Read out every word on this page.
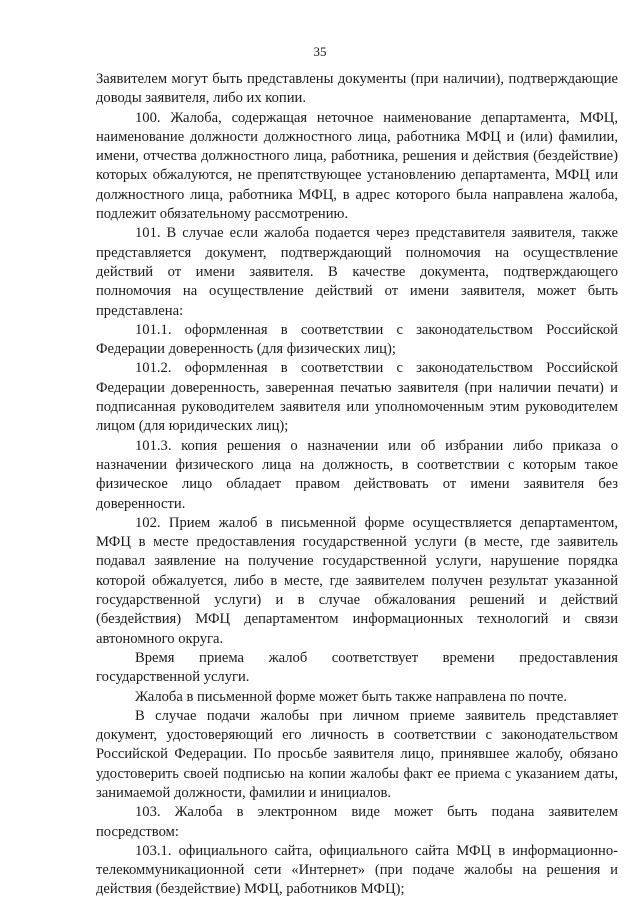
35

Заявителем могут быть представлены документы (при наличии), подтверждающие доводы заявителя, либо их копии.

100. Жалоба, содержащая неточное наименование департамента, МФЦ, наименование должности должностного лица, работника МФЦ и (или) фамилии, имени, отчества должностного лица, работника, решения и действия (бездействие) которых обжалуются, не препятствующее установлению департамента, МФЦ или должностного лица, работника МФЦ, в адрес которого была направлена жалоба, подлежит обязательному рассмотрению.

101. В случае если жалоба подается через представителя заявителя, также представляется документ, подтверждающий полномочия на осуществление действий от имени заявителя. В качестве документа, подтверждающего полномочия на осуществление действий от имени заявителя, может быть представлена:

101.1. оформленная в соответствии с законодательством Российской Федерации доверенность (для физических лиц);

101.2. оформленная в соответствии с законодательством Российской Федерации доверенность, заверенная печатью заявителя (при наличии печати) и подписанная руководителем заявителя или уполномоченным этим руководителем лицом (для юридических лиц);

101.3. копия решения о назначении или об избрании либо приказа о назначении физического лица на должность, в соответствии с которым такое физическое лицо обладает правом действовать от имени заявителя без доверенности.

102. Прием жалоб в письменной форме осуществляется департаментом, МФЦ в месте предоставления государственной услуги (в месте, где заявитель подавал заявление на получение государственной услуги, нарушение порядка которой обжалуется, либо в месте, где заявителем получен результат указанной государственной услуги) и в случае обжалования решений и действий (бездействия) МФЦ департаментом информационных технологий и связи автономного округа.

Время приема жалоб соответствует времени предоставления государственной услуги.

Жалоба в письменной форме может быть также направлена по почте.

В случае подачи жалобы при личном приеме заявитель представляет документ, удостоверяющий его личность в соответствии с законодательством Российской Федерации. По просьбе заявителя лицо, принявшее жалобу, обязано удостоверить своей подписью на копии жалобы факт ее приема с указанием даты, занимаемой должности, фамилии и инициалов.

103. Жалоба в электронном виде может быть подана заявителем посредством:

103.1. официального сайта, официального сайта МФЦ в информационно-телекоммуникационной сети «Интернет» (при подаче жалобы на решения и действия (бездействие) МФЦ, работников МФЦ);
